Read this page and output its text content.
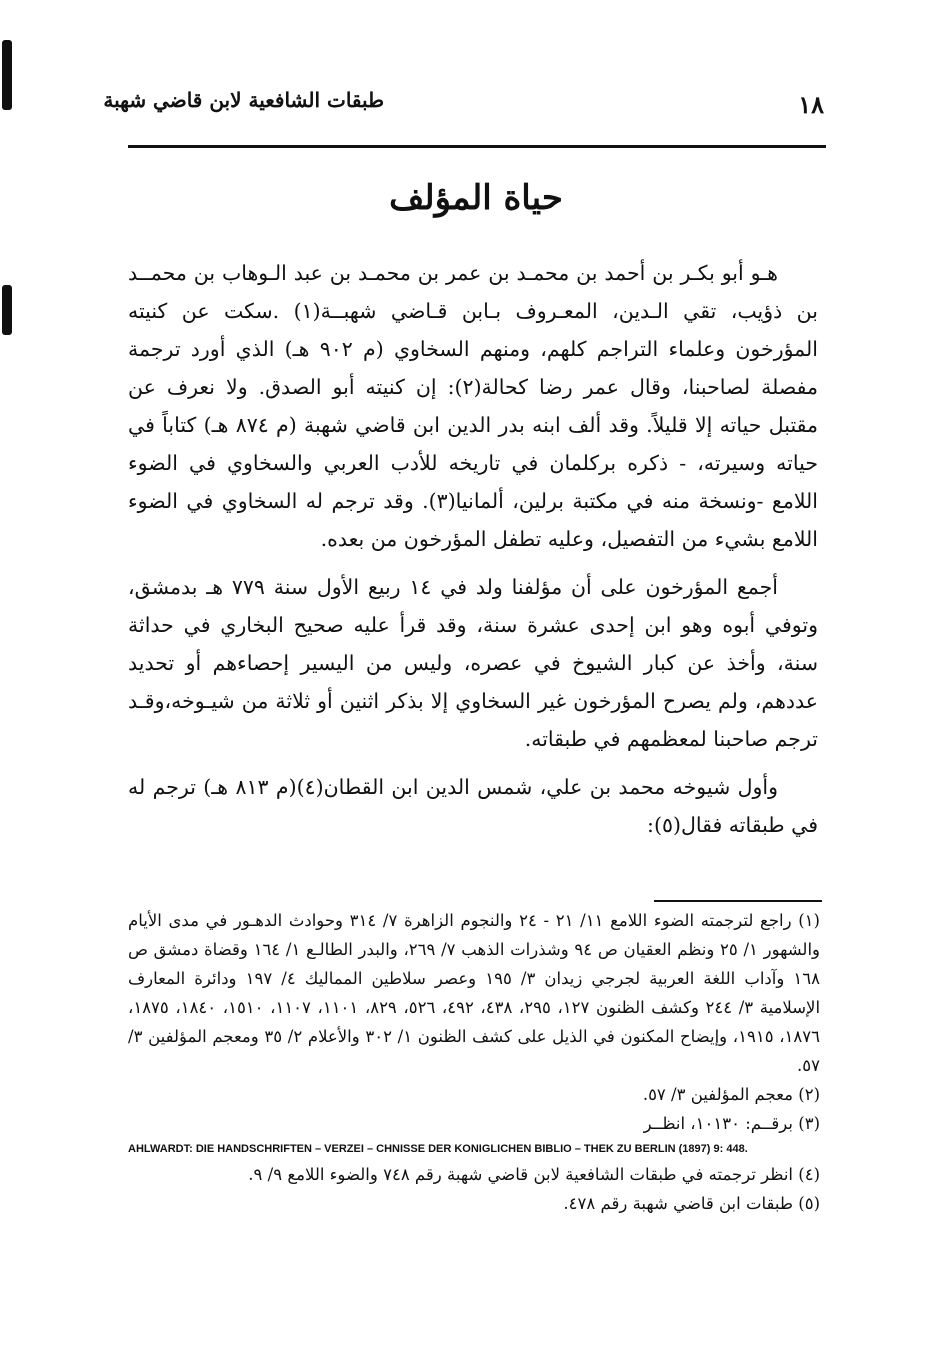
طبقات الشافعية لابن قاضي شهبة	١٨
حياة المؤلف

هـو أبو بكـر بن أحمد بن محمـد بن عمر بن محمـد بن عبد الـوهاب بن محمــد بن ذؤيب، تقي الـدين، المعـروف بـابن قـاضي شهبــة(١) .سكت عن كنيته المؤرخون وعلماء التراجم كلهم، ومنهم السخاوي (م ٩٠٢ هـ) الذي أورد ترجمة مفصلة لصاحبنا، وقال عمر رضا كحالة(٢): إن كنيته أبو الصدق. ولا نعرف عن مقتبل حياته إلا قليلاً. وقد ألف ابنه بدر الدين ابن قاضي شهبة (م ٨٧٤ هـ) كتاباً في حياته وسيرته، - ذكره بركلمان في تاريخه للأدب العربي والسخاوي في الضوء اللامع -ونسخة منه في مكتبة برلين، ألمانيا(٣). وقد ترجم له السخاوي في الضوء اللامع بشيء من التفصيل، وعليه تطفل المؤرخون من بعده.

أجمع المؤرخون على أن مؤلفنا ولد في ١٤ ربيع الأول سنة ٧٧٩ هـ بدمشق، وتوفي أبوه وهو ابن إحدى عشرة سنة، وقد قرأ عليه صحيح البخاري في حداثة سنة، وأخذ عن كبار الشيوخ في عصره، وليس من اليسير إحصاءهم أو تحديد عددهم، ولم يصرح المؤرخون غير السخاوي إلا بذكر اثنين أو ثلاثة من شيـوخه،وقـد ترجم صاحبنا لمعظمهم في طبقاته.

وأول شيوخه محمد بن علي، شمس الدين ابن القطان(٤)(م ٨١٣ هـ) ترجم له في طبقاته فقال(٥):

(١) راجع لترجمته الضوء اللامع ١١/ ٢١ - ٢٤ والنجوم الزاهرة ٧/ ٣١٤ وحوادث الدهـور في مدى الأيام والشهور ١/ ٢٥ ونظم العقيان ص ٩٤ وشذرات الذهب ٧/ ٢٦٩، والبدر الطالـع ١/ ١٦٤ وقضاة دمشق ص ١٦٨ وآداب اللغة العربية لجرجي زيدان ٣/ ١٩٥ وعصر سلاطين المماليك ٤/ ١٩٧ ودائرة المعارف الإسلامية ٣/ ٢٤٤ وكشف الظنون ١٢٧، ٢٩٥، ٤٣٨، ٤٩٢، ٥٢٦، ٨٢٩، ١١٠١، ١١٠٧، ١٥١٠، ١٨٤٠، ١٨٧٥، ١٨٧٦، ١٩١٥، وإيضاح المكنون في الذيل على كشف الظنون ١/ ٣٠٢ والأعلام ٢/ ٣٥ ومعجم المؤلفين ٣/ ٥٧.

(٢) معجم المؤلفين ٣/ ٥٧.

(٣) برقــم: ١٠١٣٠، انظــر

AHLWARDT: DIE HANDSCHRIFTEN – VERZEI – CHNISSE DER KONIGLICHEN BIBLIO – THEK ZU BERLIN (1897) 9: 448.

(٤) انظر ترجمته في طبقات الشافعية لابن قاضي شهبة رقم ٧٤٨ والضوء اللامع ٩/ ٩.

(٥) طبقات ابن قاضي شهبة رقم ٤٧٨.
